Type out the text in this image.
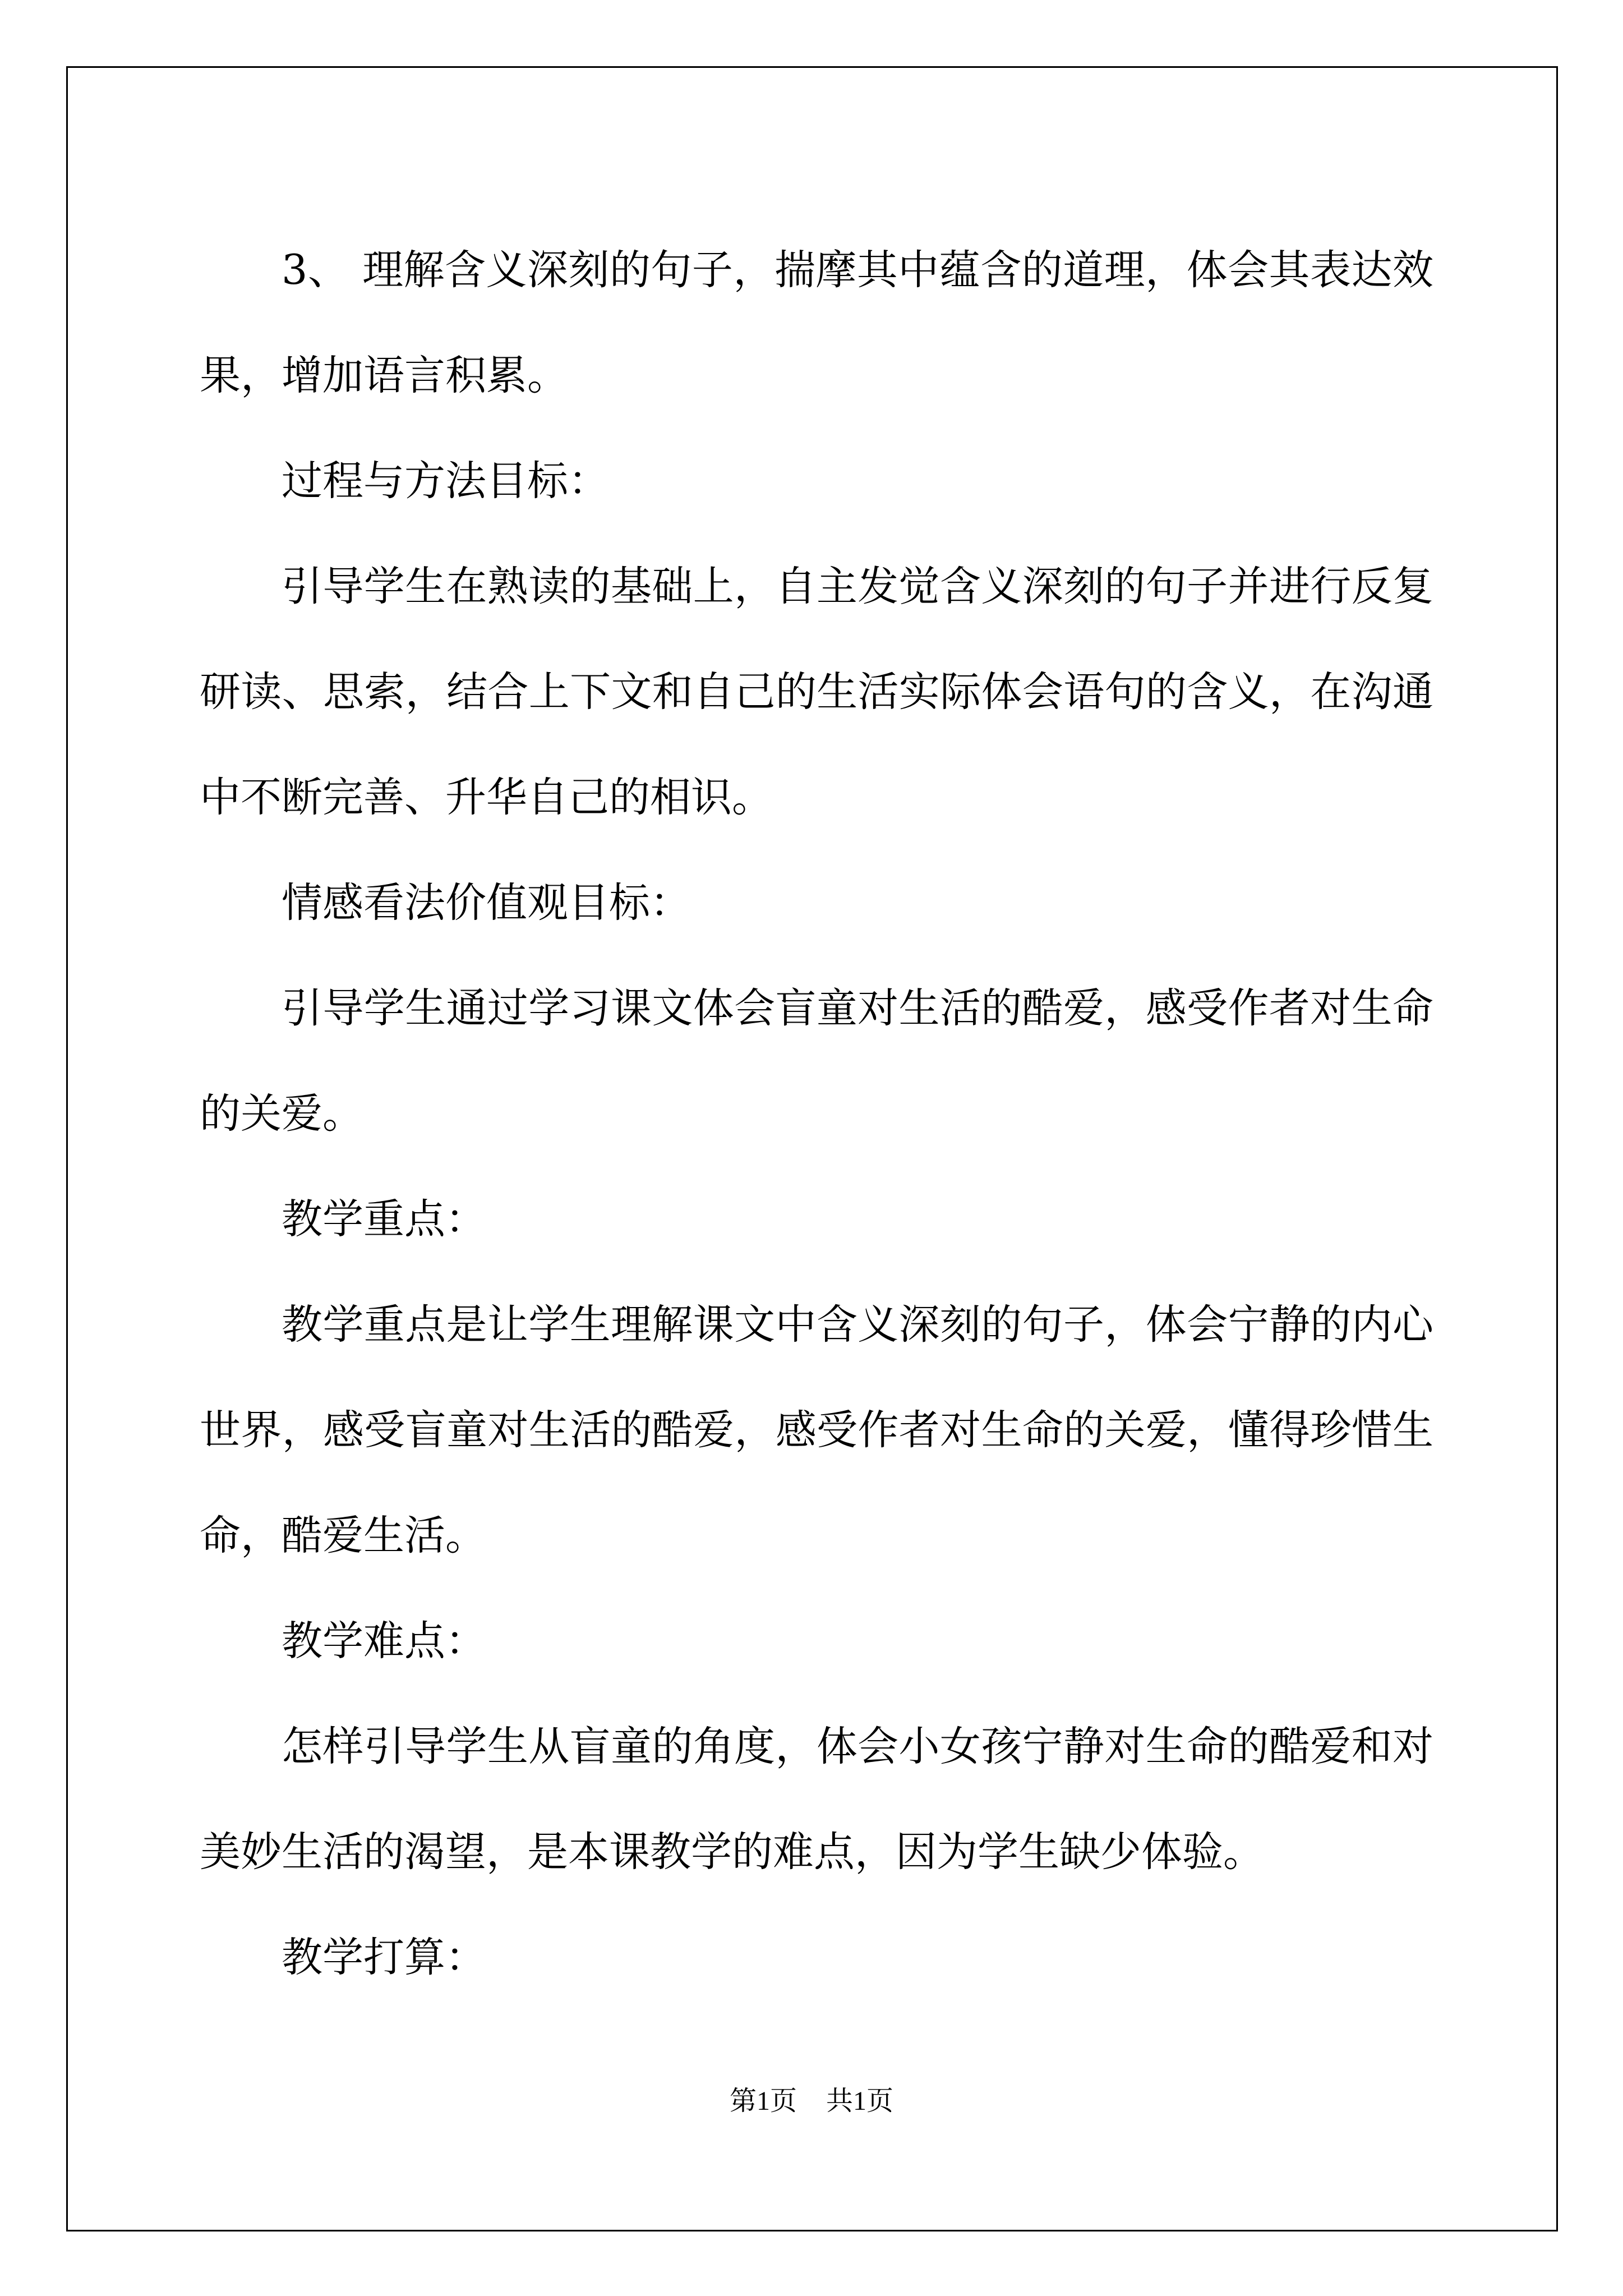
3、 理解含义深刻的句子，揣摩其中蕴含的道理，体会其表达效果，增加语言积累。

过程与方法目标：

引导学生在熟读的基础上，自主发觉含义深刻的句子并进行反复研读、思索，结合上下文和自己的生活实际体会语句的含义，在沟通中不断完善、升华自己的相识。

情感看法价值观目标：

引导学生通过学习课文体会盲童对生活的酷爱，感受作者对生命的关爱。

教学重点：

教学重点是让学生理解课文中含义深刻的句子，体会宁静的内心世界，感受盲童对生活的酷爱，感受作者对生命的关爱，懂得珍惜生命，酷爱生活。

教学难点：

怎样引导学生从盲童的角度，体会小女孩宁静对生命的酷爱和对美妙生活的渴望，是本课教学的难点，因为学生缺少体验。

教学打算：

第1页 共1页
